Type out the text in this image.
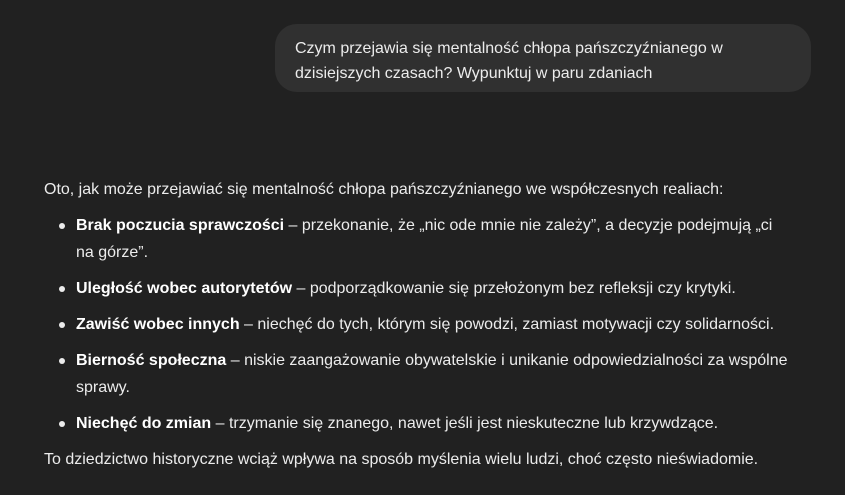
Czym przejawia się mentalność chłopa pańszczyźnianego w
dzisiejszych czasach? Wypunktuj w paru zdaniach

Oto, jak może przejawiać się mentalność chłopa pańszczyźnianego we współczesnych realiach:

Brak poczucia sprawczości – przekonanie, że „nic ode mnie nie zależy”, a decyzje podejmują „ci na górze”.
Uległość wobec autorytetów – podporządkowanie się przełożonym bez refleksji czy krytyki.
Zawiść wobec innych – niechęć do tych, którym się powodzi, zamiast motywacji czy solidarności.
Bierność społeczna – niskie zaangażowanie obywatelskie i unikanie odpowiedzialności za wspólne sprawy.
Niechęć do zmian – trzymanie się znanego, nawet jeśli jest nieskuteczne lub krzywdzące.

To dziedzictwo historyczne wciąż wpływa na sposób myślenia wielu ludzi, choć często nieświadomie.
